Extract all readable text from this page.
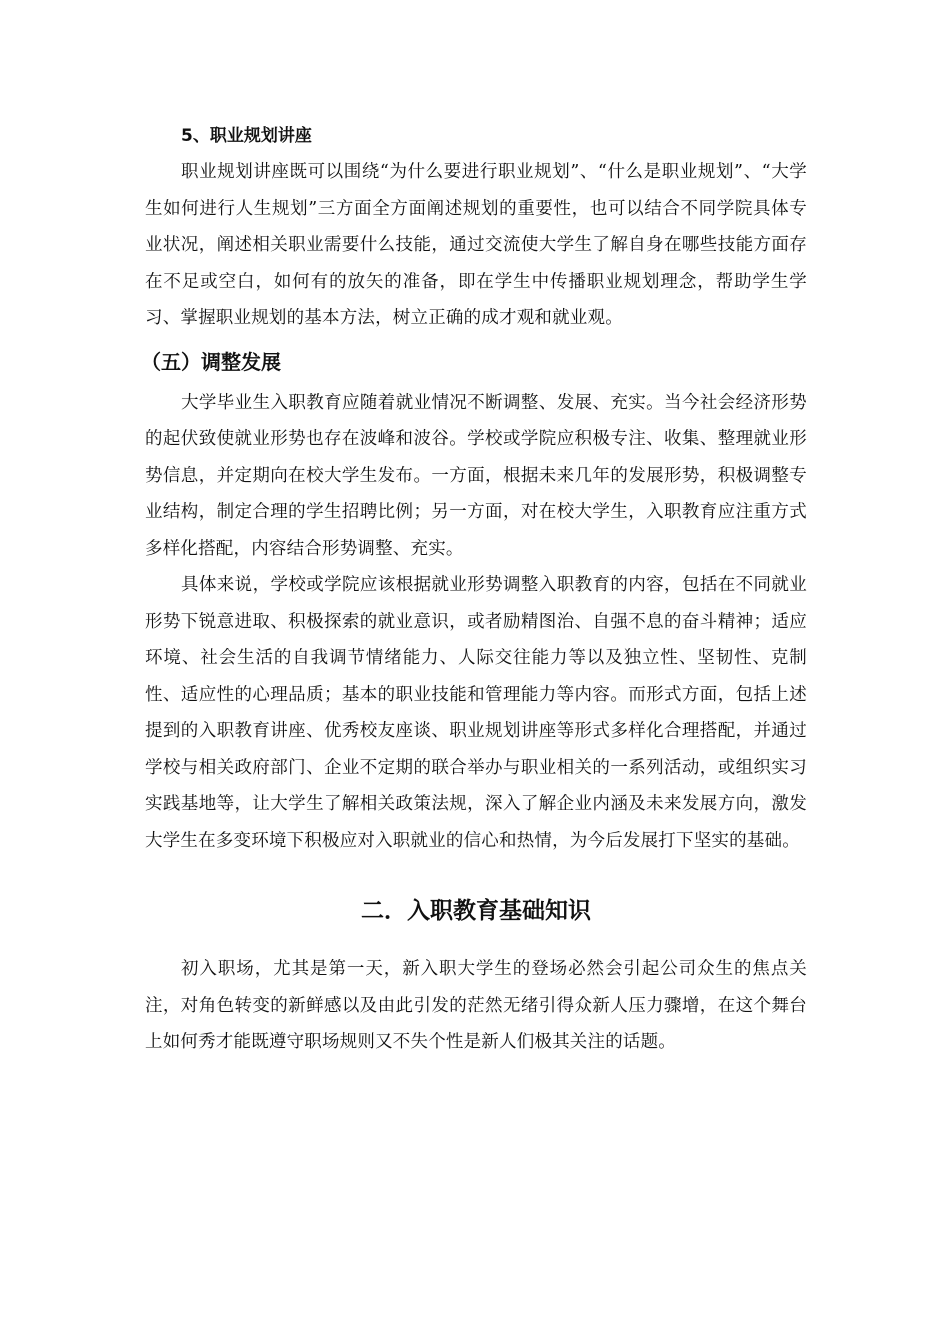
5、职业规划讲座

职业规划讲座既可以围绕“为什么要进行职业规划”、“什么是职业规划”、“大学生如何进行人生规划”三方面全方面阐述规划的重要性，也可以结合不同学院具体专业状况，阐述相关职业需要什么技能，通过交流使大学生了解自身在哪些技能方面存在不足或空白，如何有的放矢的准备，即在学生中传播职业规划理念，帮助学生学习、掌握职业规划的基本方法，树立正确的成才观和就业观。

（五）调整发展

大学毕业生入职教育应随着就业情况不断调整、发展、充实。当今社会经济形势的起伏致使就业形势也存在波峰和波谷。学校或学院应积极专注、收集、整理就业形势信息，并定期向在校大学生发布。一方面，根据未来几年的发展形势，积极调整专业结构，制定合理的学生招聘比例；另一方面，对在校大学生，入职教育应注重方式多样化搭配，内容结合形势调整、充实。

具体来说，学校或学院应该根据就业形势调整入职教育的内容，包括在不同就业形势下锐意进取、积极探索的就业意识，或者励精图治、自强不息的奋斗精神；适应环境、社会生活的自我调节情绪能力、人际交往能力等以及独立性、坚韧性、克制性、适应性的心理品质；基本的职业技能和管理能力等内容。而形式方面，包括上述提到的入职教育讲座、优秀校友座谈、职业规划讲座等形式多样化合理搭配，并通过学校与相关政府部门、企业不定期的联合举办与职业相关的一系列活动，或组织实习实践基地等，让大学生了解相关政策法规，深入了解企业内涵及未来发展方向，激发大学生在多变环境下积极应对入职就业的信心和热情，为今后发展打下坚实的基础。

二．入职教育基础知识

初入职场，尤其是第一天，新入职大学生的登场必然会引起公司众生的焦点关注，对角色转变的新鲜感以及由此引发的茫然无绪引得众新人压力骤增，在这个舞台上如何秀才能既遵守职场规则又不失个性是新人们极其关注的话题。
